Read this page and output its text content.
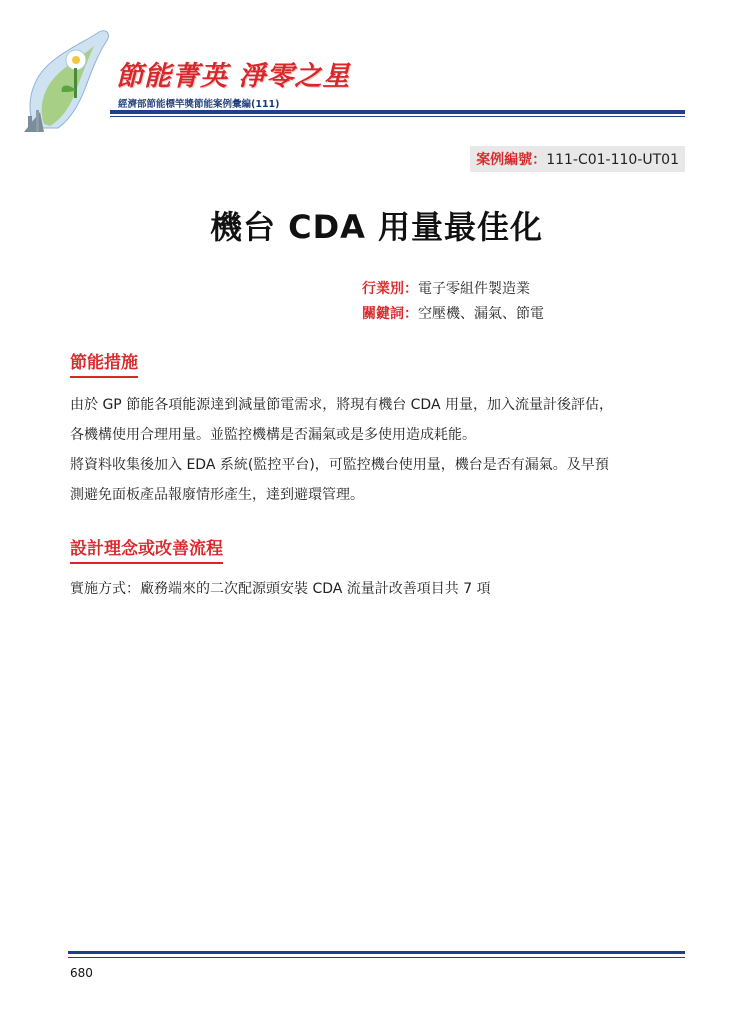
節能菁英 淨零之星
經濟部節能標竿獎節能案例彙編(111)
案例編號：111-C01-110-UT01
機台 CDA 用量最佳化
行業別：電子零組件製造業
關鍵詞：空壓機、漏氣、節電
節能措施

由於 GP 節能各項能源達到減量節電需求，將現有機台 CDA 用量，加入流量計後評估，

各機構使用合理用量。並監控機構是否漏氣或是多使用造成耗能。

將資料收集後加入 EDA 系統(監控平台)，可監控機台使用量，機台是否有漏氣。及早預

測避免面板產品報廢情形產生，達到避環管理。

設計理念或改善流程

實施方式：廠務端來的二次配源頭安裝 CDA 流量計改善項目共 7 項

680
